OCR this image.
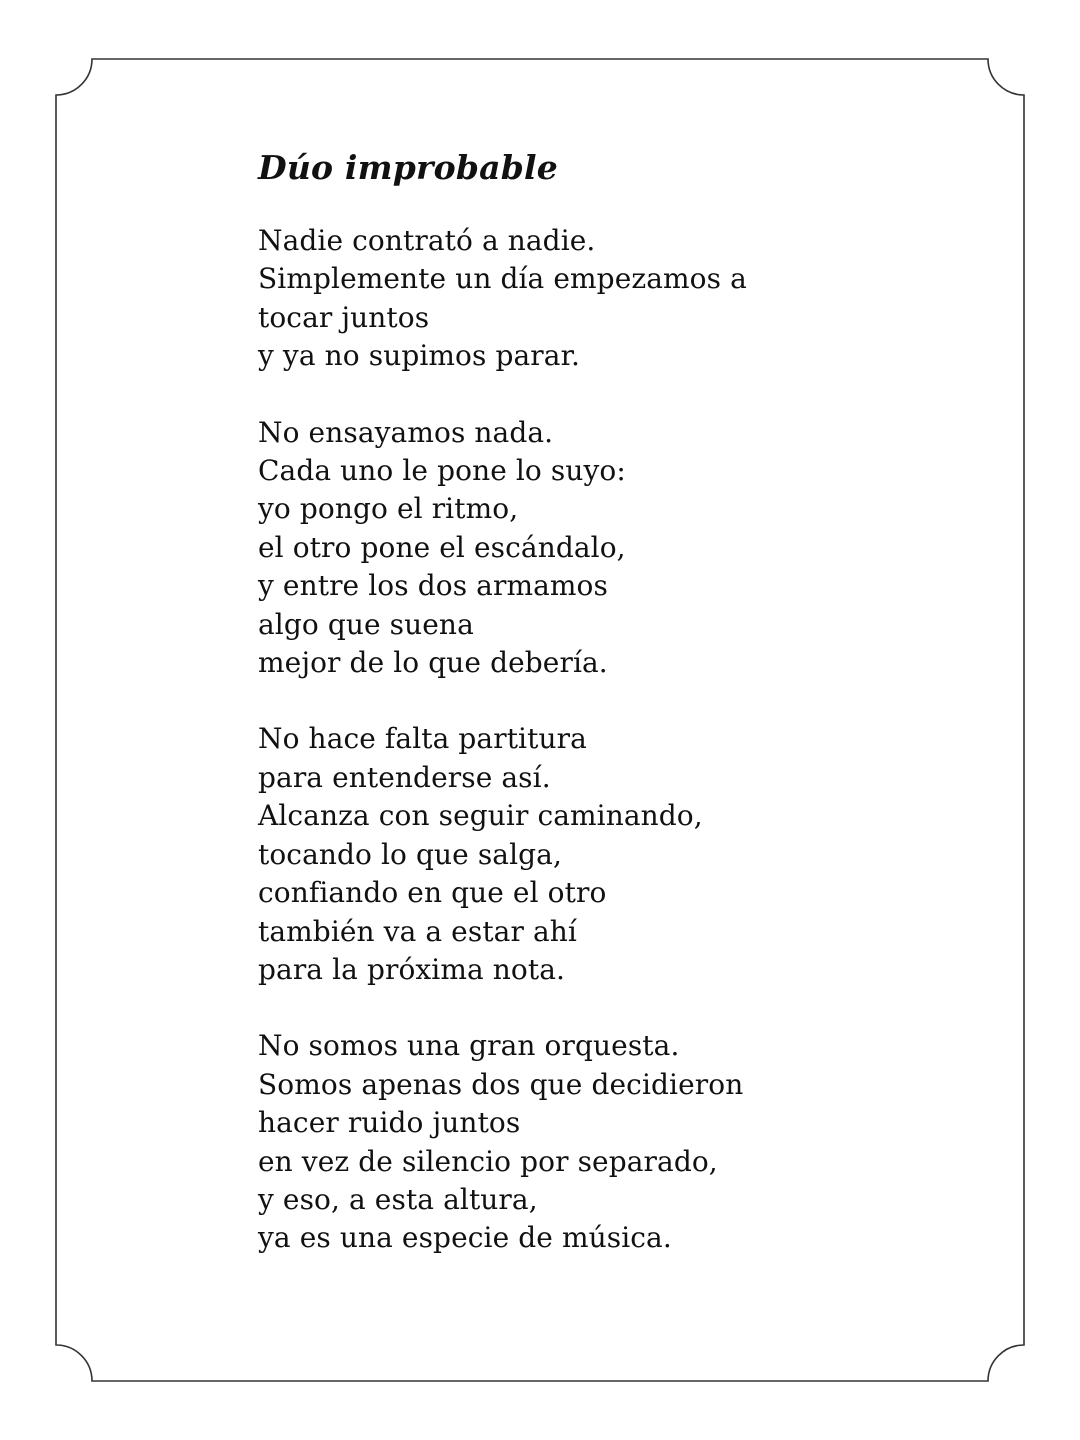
Dúo improbable
Nadie contrató a nadie.
Simplemente un día empezamos a
tocar juntos
y ya no supimos parar.
No ensayamos nada.
Cada uno le pone lo suyo:
yo pongo el ritmo,
el otro pone el escándalo,
y entre los dos armamos
algo que suena
mejor de lo que debería.
No hace falta partitura
para entenderse así.
Alcanza con seguir caminando,
tocando lo que salga,
confiando en que el otro
también va a estar ahí
para la próxima nota.
No somos una gran orquesta.
Somos apenas dos que decidieron
hacer ruido juntos
en vez de silencio por separado,
y eso, a esta altura,
ya es una especie de música.
